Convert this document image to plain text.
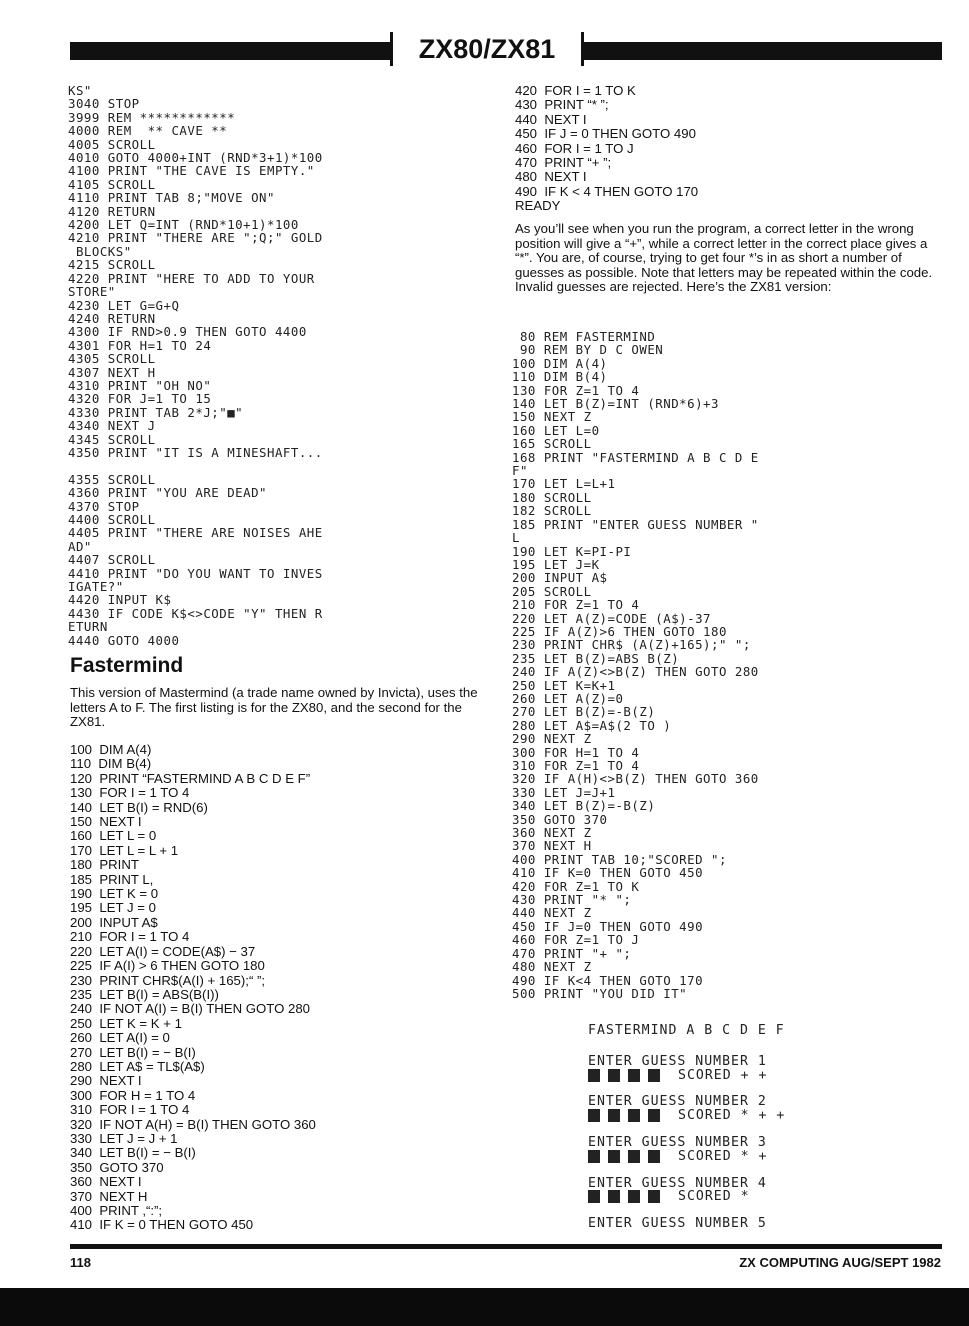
ZX80/ZX81
KS"
3040 STOP
3999 REM ************
4000 REM  ** CAVE **
4005 SCROLL
4010 GOTO 4000+INT (RND*3+1)*100
4100 PRINT "THE CAVE IS EMPTY."
4105 SCROLL
4110 PRINT TAB 8;"MOVE ON"
4120 RETURN
4200 LET Q=INT (RND*10+1)*100
4210 PRINT "THERE ARE ";Q;" GOLD
BLOCKS"
4215 SCROLL
4220 PRINT "HERE TO ADD TO YOUR
STORE"
4230 LET G=G+Q
4240 RETURN
4300 IF RND>0.9 THEN GOTO 4400
4301 FOR H=1 TO 24
4305 SCROLL
4307 NEXT H
4310 PRINT "OH NO"
4320 FOR J=1 TO 15
4330 PRINT TAB 2*J;"■"
4340 NEXT J
4345 SCROLL
4350 PRINT "IT IS A MINESHAFT...

4355 SCROLL
4360 PRINT "YOU ARE DEAD"
4370 STOP
4400 SCROLL
4405 PRINT "THERE ARE NOISES AHE
AD"
4407 SCROLL
4410 PRINT "DO YOU WANT TO INVES
IGATE?"
4420 INPUT K$
4430 IF CODE K$<>CODE "Y" THEN R
ETURN
4440 GOTO 4000
Fastermind
This version of Mastermind (a trade name owned by Invicta), uses the letters A to F. The first listing is for the ZX80, and the second for the ZX81.
100  DIM A(4)
110  DIM B(4)
120  PRINT “FASTERMIND A B C D E F”
130  FOR I = 1 TO 4
140  LET B(I) = RND(6)
150  NEXT I
160  LET L = 0
170  LET L = L + 1
180  PRINT
185  PRINT L,
190  LET K = 0
195  LET J = 0
200  INPUT A$
210  FOR I = 1 TO 4
220  LET A(I) = CODE(A$) − 37
225  IF A(I) > 6 THEN GOTO 180
230  PRINT CHR$(A(I) + 165);“ ”;
235  LET B(I) = ABS(B(I))
240  IF NOT A(I) = B(I) THEN GOTO 280
250  LET K = K + 1
260  LET A(I) = 0
270  LET B(I) = − B(I)
280  LET A$ = TL$(A$)
290  NEXT I
300  FOR H = 1 TO 4
310  FOR I = 1 TO 4
320  IF NOT A(H) = B(I) THEN GOTO 360
330  LET J = J + 1
340  LET B(I) = − B(I)
350  GOTO 370
360  NEXT I
370  NEXT H
400  PRINT ,“:”;
410  IF K = 0 THEN GOTO 450
420  FOR I = 1 TO K
430  PRINT “* ”;
440  NEXT I
450  IF J = 0 THEN GOTO 490
460  FOR I = 1 TO J
470  PRINT “+ ”;
480  NEXT I
490  IF K < 4 THEN GOTO 170
READY
As you’ll see when you run the program, a correct letter in the wrong position will give a “+”, while a correct letter in the correct place gives a “*”. You are, of course, trying to get four *’s in as short a number of guesses as possible. Note that letters may be repeated within the code. Invalid guesses are rejected. Here’s the ZX81 version:
80 REM FASTERMIND
90 REM BY D C OWEN
100 DIM A(4)
110 DIM B(4)
130 FOR Z=1 TO 4
140 LET B(Z)=INT (RND*6)+3
150 NEXT Z
160 LET L=0
165 SCROLL
168 PRINT "FASTERMIND A B C D E
F"
170 LET L=L+1
180 SCROLL
182 SCROLL
185 PRINT "ENTER GUESS NUMBER "
L
190 LET K=PI-PI
195 LET J=K
200 INPUT A$
205 SCROLL
210 FOR Z=1 TO 4
220 LET A(Z)=CODE (A$)-37
225 IF A(Z)>6 THEN GOTO 180
230 PRINT CHR$ (A(Z)+165);" ";
235 LET B(Z)=ABS B(Z)
240 IF A(Z)<>B(Z) THEN GOTO 280
250 LET K=K+1
260 LET A(Z)=0
270 LET B(Z)=-B(Z)
280 LET A$=A$(2 TO )
290 NEXT Z
300 FOR H=1 TO 4
310 FOR Z=1 TO 4
320 IF A(H)<>B(Z) THEN GOTO 360
330 LET J=J+1
340 LET B(Z)=-B(Z)
350 GOTO 370
360 NEXT Z
370 NEXT H
400 PRINT TAB 10;"SCORED ";
410 IF K=0 THEN GOTO 450
420 FOR Z=1 TO K
430 PRINT "* ";
440 NEXT Z
450 IF J=0 THEN GOTO 490
460 FOR Z=1 TO J
470 PRINT "+ ";
480 NEXT Z
490 IF K<4 THEN GOTO 170
500 PRINT "YOU DID IT"
FASTERMIND A B C D E F
ENTER GUESS NUMBER 1
SCORED + +
ENTER GUESS NUMBER 2
SCORED * + +
ENTER GUESS NUMBER 3
SCORED * +
ENTER GUESS NUMBER 4
SCORED *
ENTER GUESS NUMBER 5
118	ZX COMPUTING AUG/SEPT 1982
